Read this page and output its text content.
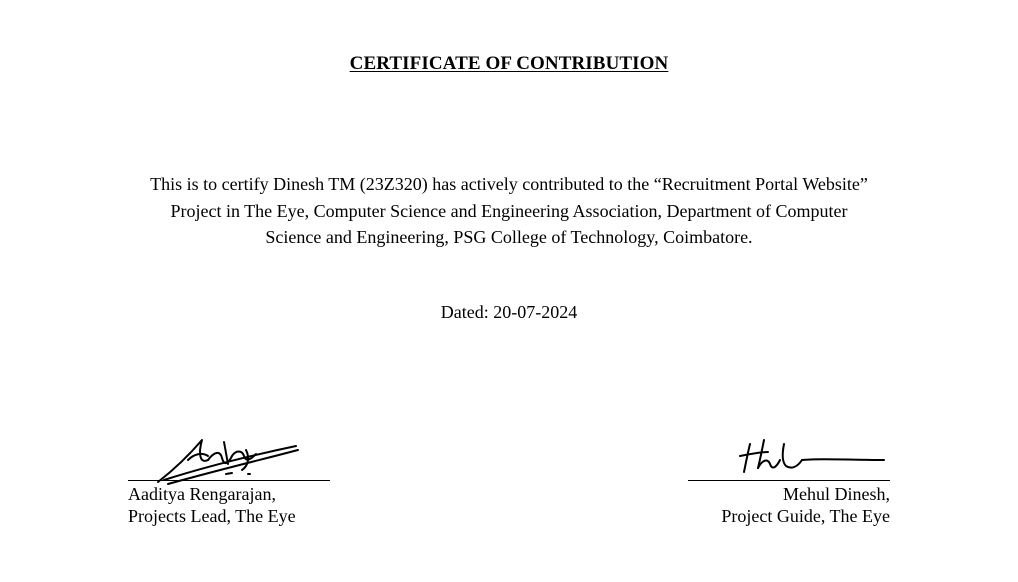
CERTIFICATE OF CONTRIBUTION
This is to certify Dinesh TM (23Z320) has actively contributed to the “Recruitment Portal Website”
Project in The Eye, Computer Science and Engineering Association, Department of Computer
Science and Engineering, PSG College of Technology, Coimbatore.
Dated: 20-07-2024
Aaditya Rengarajan,
Projects Lead, The Eye
Mehul Dinesh,
Project Guide, The Eye
